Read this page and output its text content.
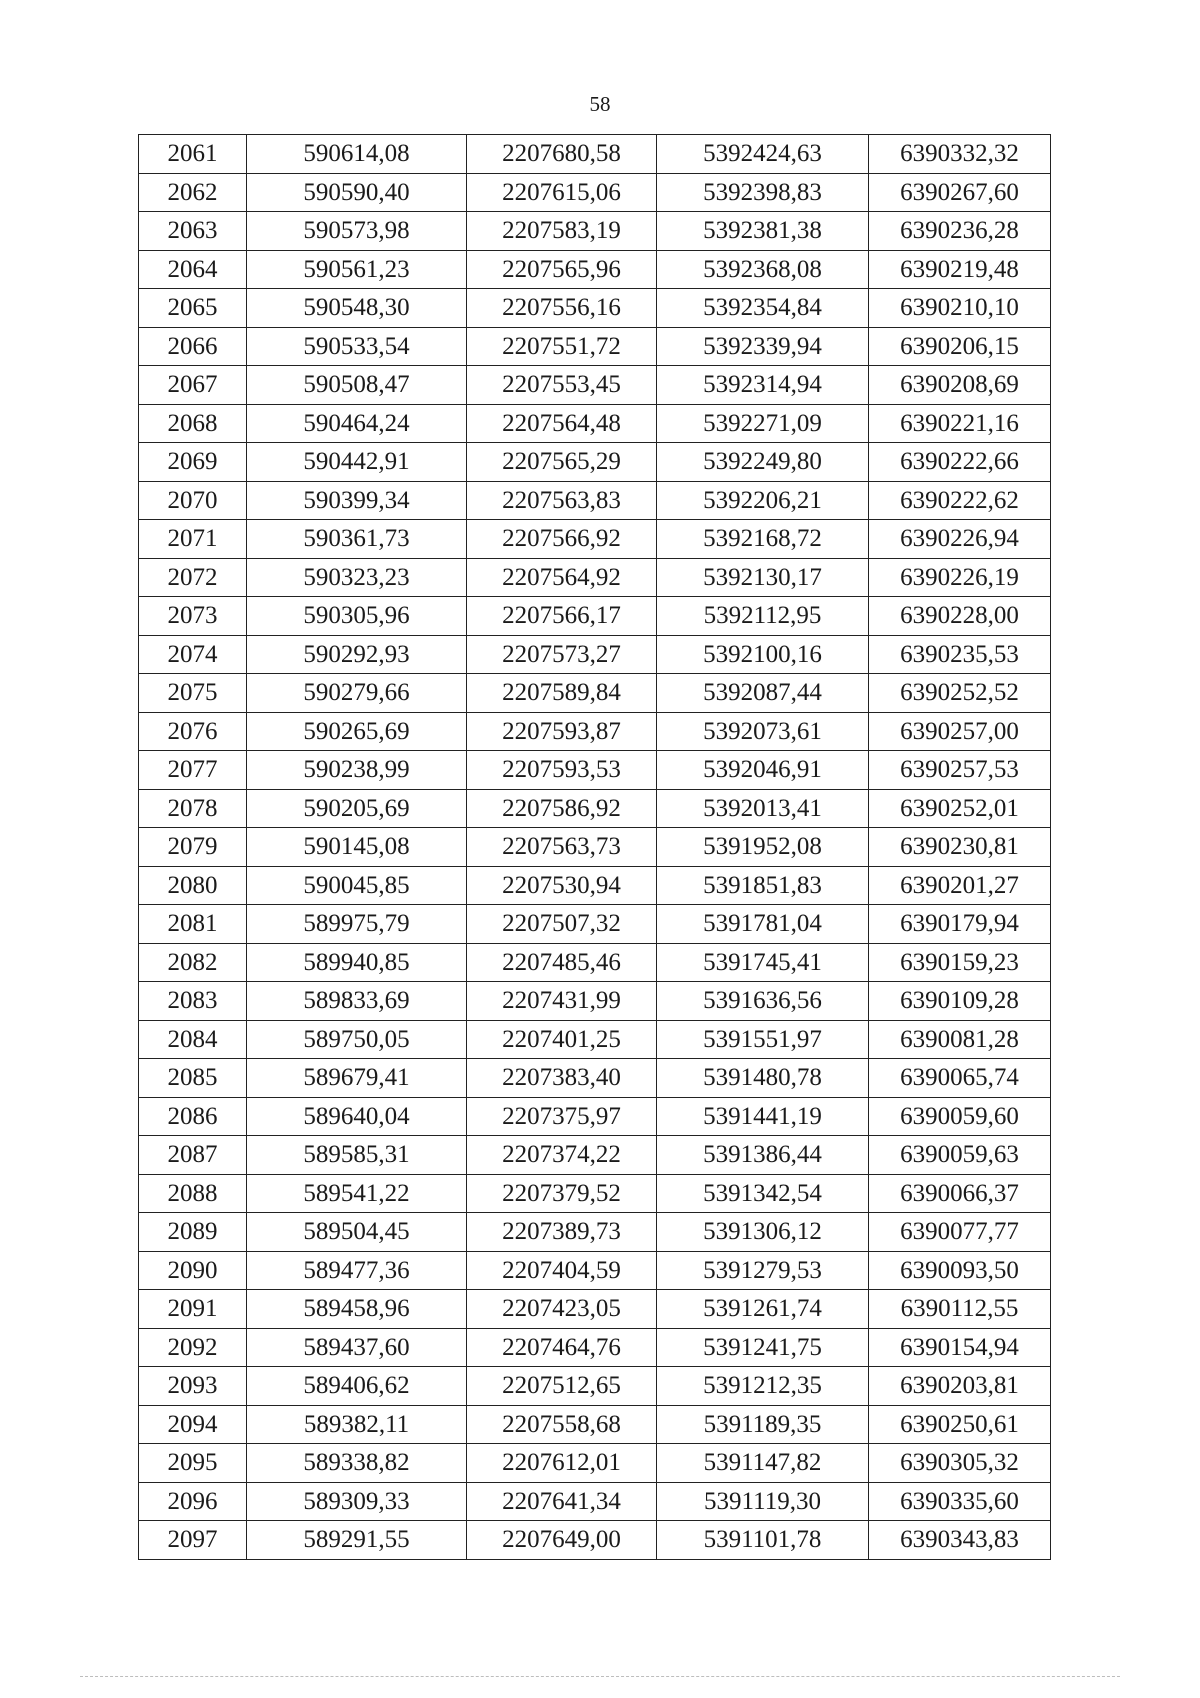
58
2061	590614,08	2207680,58	5392424,63	6390332,32
2062	590590,40	2207615,06	5392398,83	6390267,60
2063	590573,98	2207583,19	5392381,38	6390236,28
2064	590561,23	2207565,96	5392368,08	6390219,48
2065	590548,30	2207556,16	5392354,84	6390210,10
2066	590533,54	2207551,72	5392339,94	6390206,15
2067	590508,47	2207553,45	5392314,94	6390208,69
2068	590464,24	2207564,48	5392271,09	6390221,16
2069	590442,91	2207565,29	5392249,80	6390222,66
2070	590399,34	2207563,83	5392206,21	6390222,62
2071	590361,73	2207566,92	5392168,72	6390226,94
2072	590323,23	2207564,92	5392130,17	6390226,19
2073	590305,96	2207566,17	5392112,95	6390228,00
2074	590292,93	2207573,27	5392100,16	6390235,53
2075	590279,66	2207589,84	5392087,44	6390252,52
2076	590265,69	2207593,87	5392073,61	6390257,00
2077	590238,99	2207593,53	5392046,91	6390257,53
2078	590205,69	2207586,92	5392013,41	6390252,01
2079	590145,08	2207563,73	5391952,08	6390230,81
2080	590045,85	2207530,94	5391851,83	6390201,27
2081	589975,79	2207507,32	5391781,04	6390179,94
2082	589940,85	2207485,46	5391745,41	6390159,23
2083	589833,69	2207431,99	5391636,56	6390109,28
2084	589750,05	2207401,25	5391551,97	6390081,28
2085	589679,41	2207383,40	5391480,78	6390065,74
2086	589640,04	2207375,97	5391441,19	6390059,60
2087	589585,31	2207374,22	5391386,44	6390059,63
2088	589541,22	2207379,52	5391342,54	6390066,37
2089	589504,45	2207389,73	5391306,12	6390077,77
2090	589477,36	2207404,59	5391279,53	6390093,50
2091	589458,96	2207423,05	5391261,74	6390112,55
2092	589437,60	2207464,76	5391241,75	6390154,94
2093	589406,62	2207512,65	5391212,35	6390203,81
2094	589382,11	2207558,68	5391189,35	6390250,61
2095	589338,82	2207612,01	5391147,82	6390305,32
2096	589309,33	2207641,34	5391119,30	6390335,60
2097	589291,55	2207649,00	5391101,78	6390343,83
